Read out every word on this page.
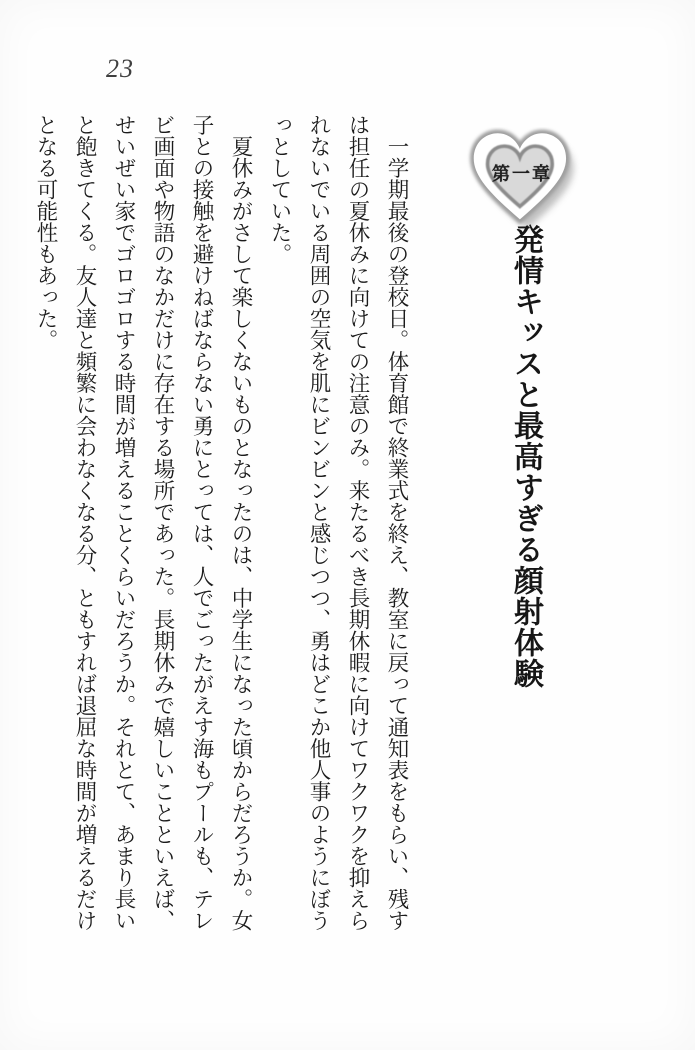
23
第一章
発情キッスと最高すぎる顔射体験
　一学期最後の登校日。体育館で終業式を終え、教室に戻って通知表をもらい、残す
は担任の夏休みに向けての注意のみ。来たるべき長期休暇に向けてワクワクを抑えら
れないでいる周囲の空気を肌にビンビンと感じつつ、勇はどこか他人事のようにぼう
っとしていた。
　夏休みがさして楽しくないものとなったのは、中学生になった頃からだろうか。女
子との接触を避けねばならない勇にとっては、人でごったがえす海もプールも、テレ
ビ画面や物語のなかだけに存在する場所であった。長期休みで嬉しいことといえば、
せいぜい家でゴロゴロする時間が増えることくらいだろうか。それとて、あまり長い
と飽きてくる。友人達と頻繁に会わなくなる分、ともすれば退屈な時間が増えるだけ
となる可能性もあった。
